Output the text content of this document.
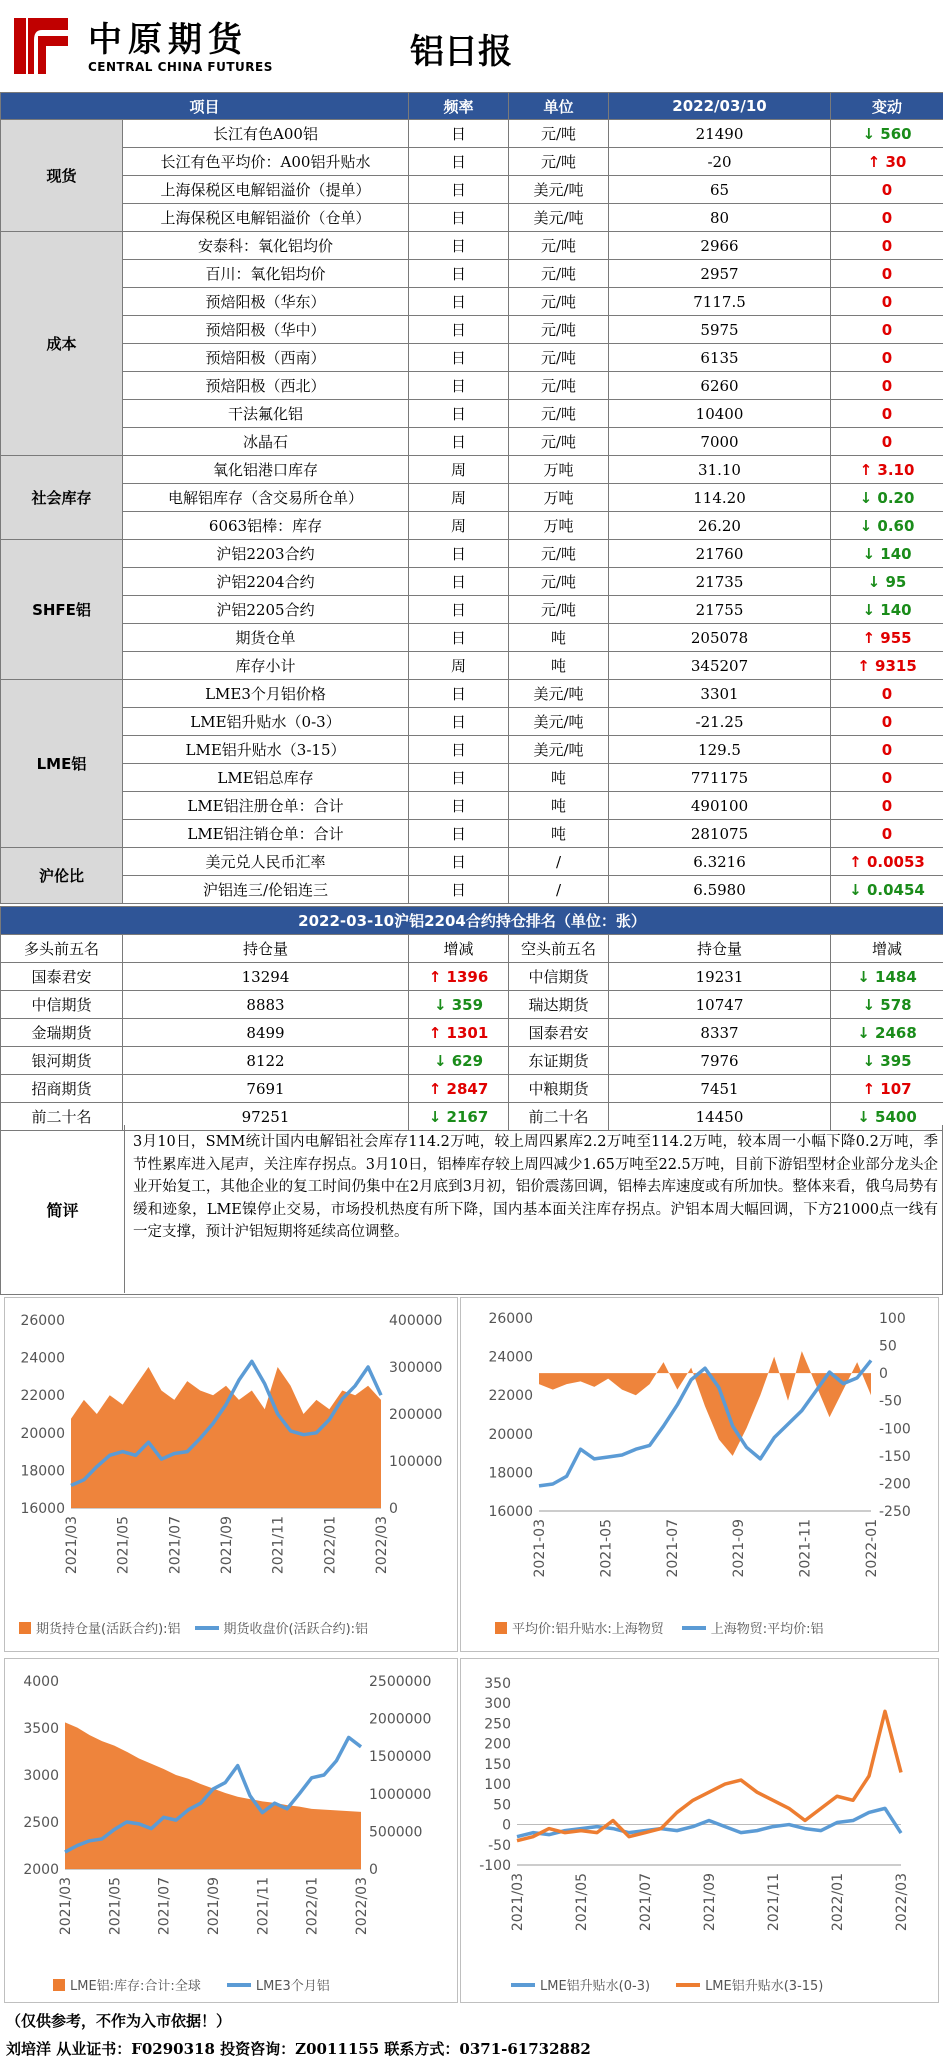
中原期货
CENTRAL CHINA FUTURES	铝日报
项目		频率	单位	2022/03/10	变动
现货	长江有色A00铝	日	元/吨	21490	↓ 560
	长江有色平均价：A00铝升贴水	日	元/吨	-20	↑ 30
	上海保税区电解铝溢价（提单）	日	美元/吨	65	0
	上海保税区电解铝溢价（仓单）	日	美元/吨	80	0
成本	安泰科：氧化铝均价	日	元/吨	2966	0
	百川：氧化铝均价	日	元/吨	2957	0
	预焙阳极（华东）	日	元/吨	7117.5	0
	预焙阳极（华中）	日	元/吨	5975	0
	预焙阳极（西南）	日	元/吨	6135	0
	预焙阳极（西北）	日	元/吨	6260	0
	干法氟化铝	日	元/吨	10400	0
	冰晶石	日	元/吨	7000	0
社会库存	氧化铝港口库存	周	万吨	31.10	↑ 3.10
	电解铝库存（含交易所仓单）	周	万吨	114.20	↓ 0.20
	6063铝棒：库存	周	万吨	26.20	↓ 0.60
SHFE铝	沪铝2203合约	日	元/吨	21760	↓ 140
	沪铝2204合约	日	元/吨	21735	↓ 95
	沪铝2205合约	日	元/吨	21755	↓ 140
	期货仓单	日	吨	205078	↑ 955
	库存小计	周	吨	345207	↑ 9315
LME铝	LME3个月铝价格	日	美元/吨	3301	0
	LME铝升贴水（0-3）	日	美元/吨	-21.25	0
	LME铝升贴水（3-15）	日	美元/吨	129.5	0
	LME铝总库存	日	吨	771175	0
	LME铝注册仓单：合计	日	吨	490100	0
	LME铝注销仓单：合计	日	吨	281075	0
沪伦比	美元兑人民币汇率	日	/	6.3216	↑ 0.0053
	沪铝连三/伦铝连三	日	/	6.5980	↓ 0.0454
2022-03-10沪铝2204合约持仓排名（单位：张）					
多头前五名	持仓量	增减	空头前五名	持仓量	增减
国泰君安	13294	↑ 1396	中信期货	19231	↓ 1484
中信期货	8883	↓ 359	瑞达期货	10747	↓ 578
金瑞期货	8499	↑ 1301	国泰君安	8337	↓ 2468
银河期货	8122	↓ 629	东证期货	7976	↓ 395
招商期货	7691	↑ 2847	中粮期货	7451	↑ 107
前二十名	97251	↓ 2167	前二十名	14450	↓ 5400
简评
3月10日，SMM统计国内电解铝社会库存114.2万吨，较上周四累库2.2万吨至114.2万吨，较本周一小幅下降0.2万吨，季节性累库进入尾声，关注库存拐点。3月10日，铝棒库存较上周四减少1.65万吨至22.5万吨，目前下游铝型材企业部分龙头企业开始复工，其他企业的复工时间仍集中在2月底到3月初，铝价震荡回调，铝棒去库速度或有所加快。整体来看，俄乌局势有缓和迹象，LME镍停止交易，市场投机热度有所下降，国内基本面关注库存拐点。沪铝本周大幅回调，下方21000点一线有一定支撑，预计沪铝短期将延续高位调整。
26000
24000
22000
20000
18000
16000
400000
300000
200000
100000
0
2021/03	2021/05	2021/07	2021/09	2021/11	2022/01	2022/03
期货持仓量(活跃合约):铝	期货收盘价(活跃合约):铝
26000
24000
22000
20000
18000
16000
100
50
0
-50
-100
-150
-200
-250
2021-03	2021-05	2021-07	2021-09	2021-11	2022-01
平均价:铝升贴水:上海物贸	上海物贸:平均价:铝
4000
3500
3000
2500
2000
2500000
2000000
1500000
1000000
500000
0
2021/03 2021/05 2021/07 2021/09 2021/11 2022/01 2022/03
LME铝:库存:合计:全球	LME3个月铝
350
300
250
200
150
100
50
0
-50
-100
2021/03	2021/05	2021/07	2021/09	2021/11	2022/01	2022/03
LME铝升贴水(0-3)	LME铝升贴水(3-15)
（仅供参考，不作为入市依据！）
刘培洋 从业证书：F0290318 投资咨询：Z0011155 联系方式：0371-61732882
